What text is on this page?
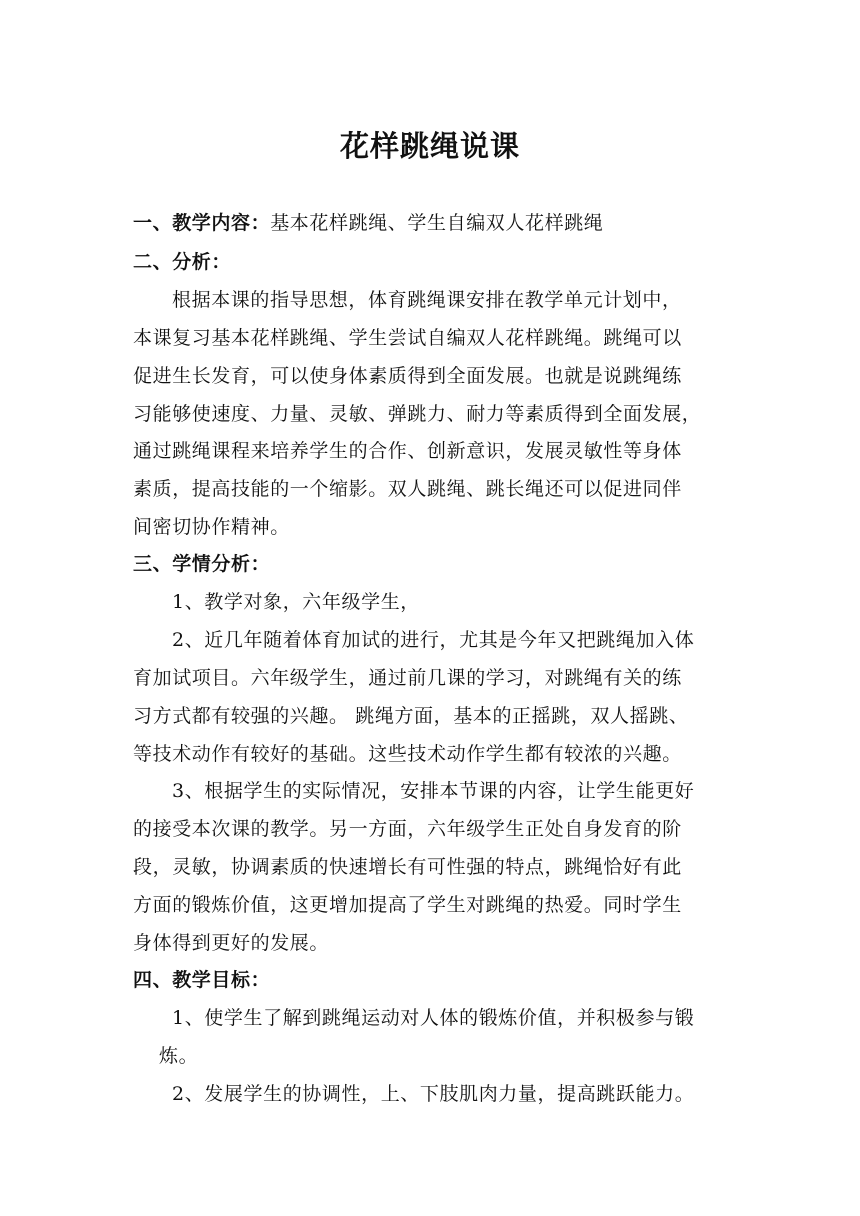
花样跳绳说课
一、教学内容：基本花样跳绳、学生自编双人花样跳绳
二、分析：
根据本课的指导思想，体育跳绳课安排在教学单元计划中，
本课复习基本花样跳绳、学生尝试自编双人花样跳绳。跳绳可以
促进生长发育，可以使身体素质得到全面发展。也就是说跳绳练
习能够使速度、力量、灵敏、弹跳力、耐力等素质得到全面发展，
通过跳绳课程来培养学生的合作、创新意识，发展灵敏性等身体
素质，提高技能的一个缩影。双人跳绳、跳长绳还可以促进同伴
间密切协作精神。
三、学情分析：
1、教学对象，六年级学生，
2、近几年随着体育加试的进行，尤其是今年又把跳绳加入体
育加试项目。六年级学生，通过前几课的学习，对跳绳有关的练
习方式都有较强的兴趣。 跳绳方面，基本的正摇跳，双人摇跳、
等技术动作有较好的基础。这些技术动作学生都有较浓的兴趣。
3、根据学生的实际情况，安排本节课的内容，让学生能更好
的接受本次课的教学。另一方面，六年级学生正处自身发育的阶
段，灵敏，协调素质的快速增长有可性强的特点，跳绳恰好有此
方面的锻炼价值，这更增加提高了学生对跳绳的热爱。同时学生
身体得到更好的发展。
四、教学目标：
1、使学生了解到跳绳运动对人体的锻炼价值，并积极参与锻
炼。
2、发展学生的协调性，上、下肢肌肉力量，提高跳跃能力。
